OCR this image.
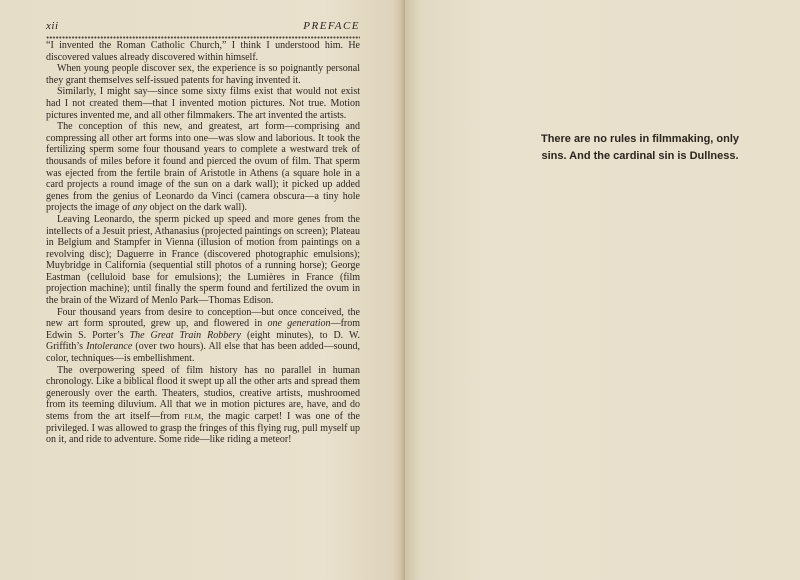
xii	PREFACE

“I invented the Roman Catholic Church,” I think I understood him. He discovered values already discovered within himself.

When young people discover sex, the experience is so poignantly personal they grant themselves self-issued patents for having invented it.

Similarly, I might say—since some sixty films exist that would not exist had I not created them—that I invented motion pictures. Not true. Motion pictures invented me, and all other filmmakers. The art invented the artists.

The conception of this new, and greatest, art form—comprising and compressing all other art forms into one—was slow and laborious. It took the fertilizing sperm some four thousand years to complete a westward trek of thousands of miles before it found and pierced the ovum of film. That sperm was ejected from the fertile brain of Aristotle in Athens (a square hole in a card projects a round image of the sun on a dark wall); it picked up added genes from the genius of Leonardo da Vinci (camera obscura—a tiny hole projects the image of any object on the dark wall).

Leaving Leonardo, the sperm picked up speed and more genes from the intellects of a Jesuit priest, Athanasius (projected paintings on screen); Plateau in Belgium and Stampfer in Vienna (illusion of motion from paintings on a revolving disc); Daguerre in France (discovered photographic emulsions); Muybridge in California (sequential still photos of a running horse); George Eastman (celluloid base for emulsions); the Lumières in France (film projection machine); until finally the sperm found and fertilized the ovum in the brain of the Wizard of Menlo Park—Thomas Edison.

Four thousand years from desire to conception—but once conceived, the new art form sprouted, grew up, and flowered in one generation—from Edwin S. Porter’s The Great Train Robbery (eight minutes), to D. W. Griffith’s Intolerance (over two hours). All else that has been added—sound, color, techniques—is embellishment.

The overpowering speed of film history has no parallel in human chronology. Like a biblical flood it swept up all the other arts and spread them generously over the earth. Theaters, studios, creative artists, mushroomed from its teeming diluvium. All that we in motion pictures are, have, and do stems from the art itself—from film, the magic carpet! I was one of the privileged. I was allowed to grasp the fringes of this flying rug, pull myself up on it, and ride to adventure. Some ride—like riding a meteor!

There are no rules in filmmaking, only
sins. And the cardinal sin is Dullness.
